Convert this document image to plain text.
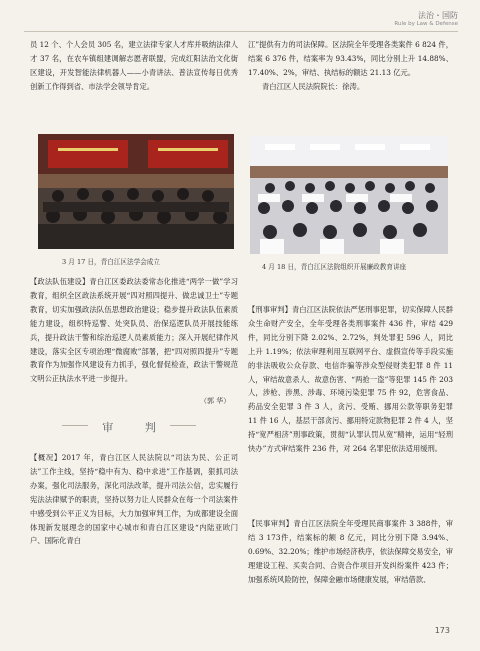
法治・国防
Rule by Law & Defense

员 12 个、个人会员 305 名，建立法律专家人才库并吸纳法律人才 37 名，在农车镇组建调解志愿者联盟，完成红阳法治文化街区建设，开发智能法律机器人——小青讲法、普法宣传每日优秀创新工作得到省、市法学会领导肯定。

3 月 17 日，青白江区法学会成立

【政法队伍建设】青白江区委政法委常态化推进“两学一做”学习教育，组织全区政法系统开展“四对照四提升、做忠诚卫士”专题教育，切实加强政法队伍思想政治建设；稳步提升政法队伍素质能力建设，组织特巡警、处突队员、治保巡逻队员开展技能练兵，提升政法干警和综治巡逻人员素质能力；深入开展纪律作风建设，落实全区专项治理“微腐败”部署，把“四对照四提升”专题教育作为加强作风建设有力抓手，强化督促检查，政法干警规范文明公正执法水平进一步提升。

（郭 华）
审 判

【概况】2017 年，青白江区人民法院以“司法为民、公正司法”工作主线，坚持“稳中有为、稳中求进”工作基调，狠抓司法办案，强化司法服务，深化司法改革，提升司法公信，忠实履行宪法法律赋予的职责，坚持以努力让人民群众在每一个司法案件中感受到公平正义为目标，大力加强审判工作，为成都建设全面体现新发展理念的国家中心城市和青白江区建设“内陆亚欧门户、国际化青白

江”提供有力的司法保障。区法院全年受理各类案件 6 824 件，结案 6 376 件，结案率为 93.43%，同比分别上升 14.88%、17.40%、2%，审结、执结标的额达 21.13 亿元。

青白江区人民法院院长：徐涛。

4 月 18 日，青白江区法院组织开展廉政教育讲座

【刑事审判】青白江区法院依法严惩刑事犯罪，切实保障人民群众生命财产安全，全年受理各类刑事案件 436 件，审结 429 件，同比分别下降 2.02%、2.72%，判处罪犯 596 人，同比上升 1.19%；依法审理利用互联网平台、虚假宣传等手段实施的非法吸收公众存款、电信诈骗等涉众型侵财类犯罪 8 件 11 人，审结故意杀人、故意伤害、“两抢一盗”等犯罪 145 件 203 人，涉枪、涉黑、涉毒、环境污染犯罪 75 件 92，危害食品、药品安全犯罪 3 件 3 人，贪污、受贿、挪用公款等职务犯罪 11 件 16 人，基层干部贪污、挪用特定款物犯罪 2 件 4 人，坚持“宽严相济”刑事政策，贯彻“认罪认罚从宽”精神，运用“轻刑快办”方式审结案件 236 件，对 264 名罪犯依法适用缓刑。

【民事审判】青白江区法院全年受理民商事案件 3 388件，审结 3 173件，结案标的额 8 亿元，同比分别下降 3.94%、0.69%、32.20%；维护市场经济秩序，依法保障交易安全，审理建设工程、买卖合同、合资合作项目开发纠纷案件 423 件；加强系统风险防控，保障金融市场健康发展，审结借款、

173
